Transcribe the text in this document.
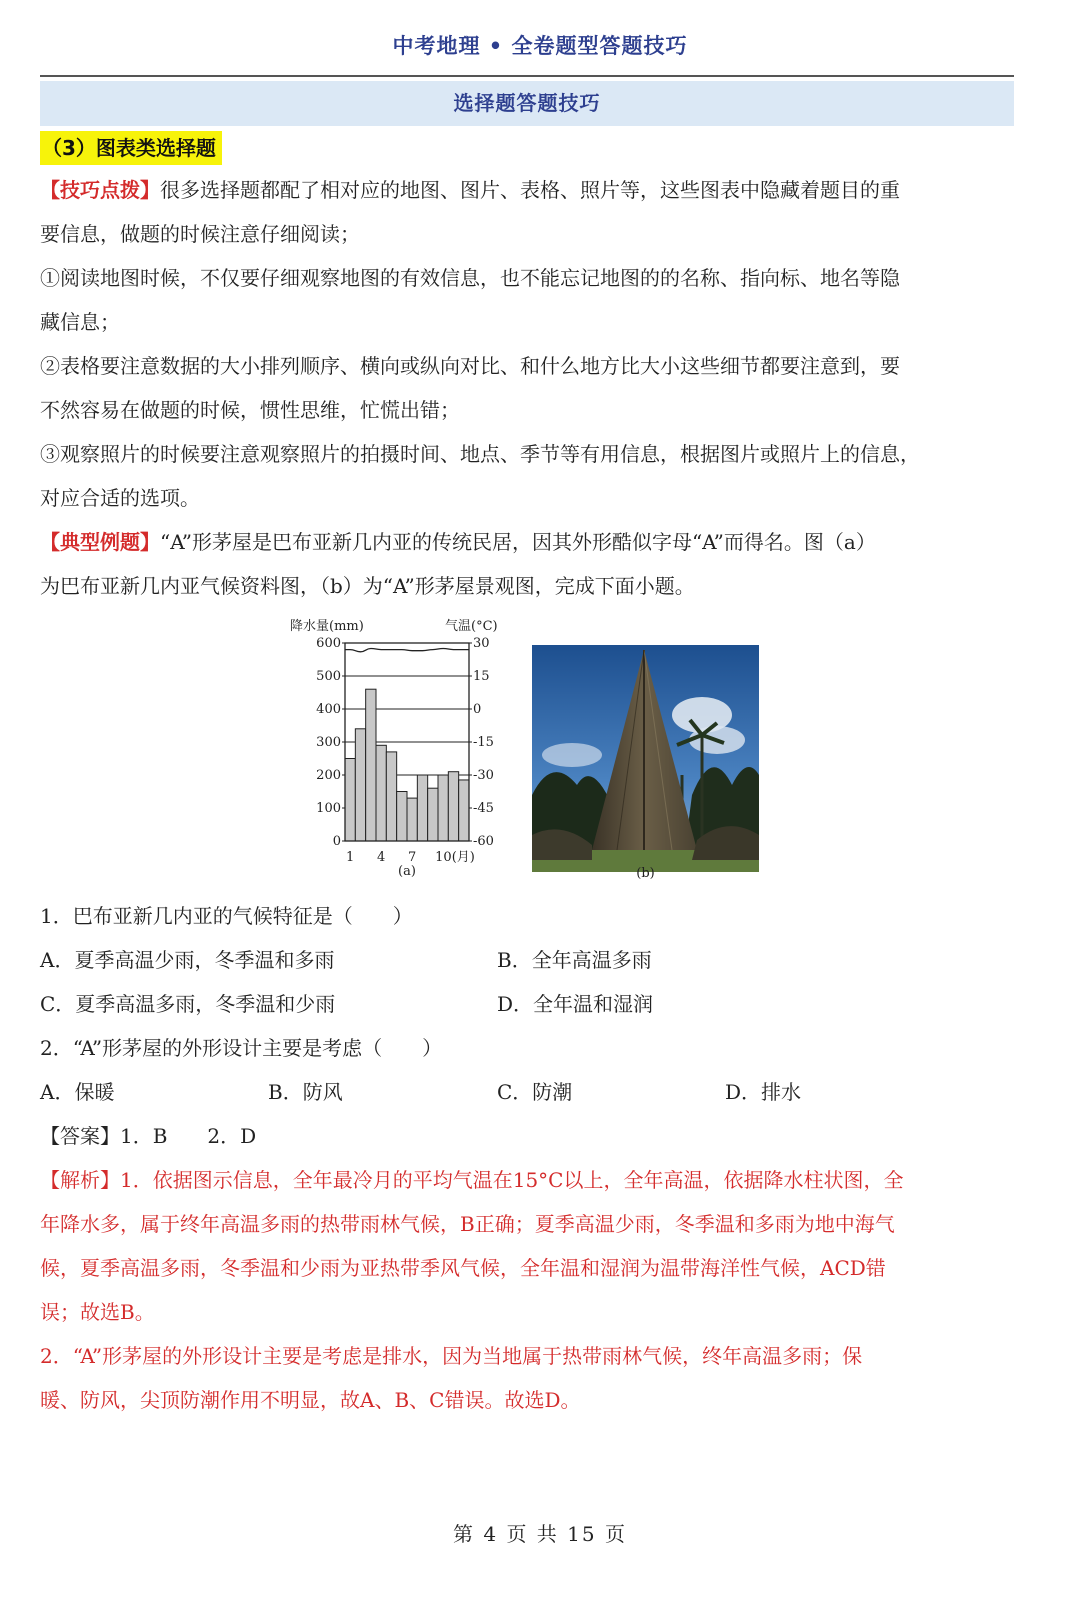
中考地理 • 全卷题型答题技巧
选择题答题技巧
（3）图表类选择题
【技巧点拨】很多选择题都配了相对应的地图、图片、表格、照片等，这些图表中隐藏着题目的重
要信息，做题的时候注意仔细阅读；
①阅读地图时候，不仅要仔细观察地图的有效信息，也不能忘记地图的的名称、指向标、地名等隐
藏信息；
②表格要注意数据的大小排列顺序、横向或纵向对比、和什么地方比大小这些细节都要注意到，要
不然容易在做题的时候，惯性思维，忙慌出错；
③观察照片的时候要注意观察照片的拍摄时间、地点、季节等有用信息，根据图片或照片上的信息，
对应合适的选项。
【典型例题】“A”形茅屋是巴布亚新几内亚的传统民居，因其外形酷似字母“A”而得名。图（a）
为巴布亚新几内亚气候资料图，（b）为“A”形茅屋景观图，完成下面小题。
降水量(mm)	气温(°C)
600
500
400
300
200
100
0
30
15
0
-15
-30
-45
-60
1 4 7 10(月)
(a)	(b)
1．巴布亚新几内亚的气候特征是（　　）
A．夏季高温少雨，冬季温和多雨	B．全年高温多雨
C．夏季高温多雨，冬季温和少雨	D．全年温和湿润
2．“A”形茅屋的外形设计主要是考虑（　　）
A．保暖	B．防风	C．防潮	D．排水
【答案】1．B　　2．D
【解析】1．依据图示信息，全年最冷月的平均气温在15°C以上，全年高温，依据降水柱状图，全
年降水多，属于终年高温多雨的热带雨林气候，B正确；夏季高温少雨，冬季温和多雨为地中海气
候，夏季高温多雨，冬季温和少雨为亚热带季风气候，全年温和湿润为温带海洋性气候，ACD错
误；故选B。
2．“A”形茅屋的外形设计主要是考虑是排水，因为当地属于热带雨林气候，终年高温多雨；保
暖、防风，尖顶防潮作用不明显，故A、B、C错误。故选D。
第 4 页 共 15 页
